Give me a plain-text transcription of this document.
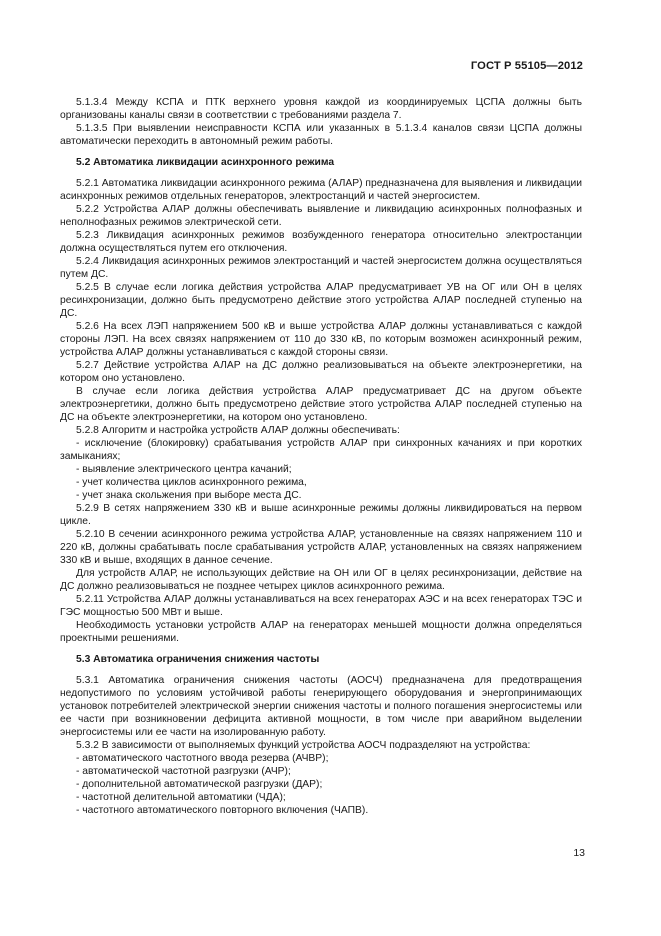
ГОСТ Р 55105—2012

5.1.3.4 Между КСПА и ПТК верхнего уровня каждой из координируемых ЦСПА должны быть организованы каналы связи в соответствии с требованиями раздела 7.

5.1.3.5 При выявлении неисправности КСПА или указанных в 5.1.3.4 каналов связи ЦСПА должны автоматически переходить в автономный режим работы.

5.2 Автоматика ликвидации асинхронного режима

5.2.1 Автоматика ликвидации асинхронного режима (АЛАР) предназначена для выявления и ликвидации асинхронных режимов отдельных генераторов, электростанций и частей энергосистем.

5.2.2 Устройства АЛАР должны обеспечивать выявление и ликвидацию асинхронных полнофазных и неполнофазных режимов электрической сети.

5.2.3 Ликвидация асинхронных режимов возбужденного генератора относительно электростанции должна осуществляться путем его отключения.

5.2.4 Ликвидация асинхронных режимов электростанций и частей энергосистем должна осуществляться путем ДС.

5.2.5 В случае если логика действия устройства АЛАР предусматривает УВ на ОГ или ОН в целях ресинхронизации, должно быть предусмотрено действие этого устройства АЛАР последней ступенью на ДС.

5.2.6 На всех ЛЭП напряжением 500 кВ и выше устройства АЛАР должны устанавливаться с каждой стороны ЛЭП. На всех связях напряжением от 110 до 330 кВ, по которым возможен асинхронный режим, устройства АЛАР должны устанавливаться с каждой стороны связи.

5.2.7 Действие устройства АЛАР на ДС должно реализовываться на объекте электроэнергетики, на котором оно установлено.

В случае если логика действия устройства АЛАР предусматривает ДС на другом объекте электроэнергетики, должно быть предусмотрено действие этого устройства АЛАР последней ступенью на ДС на объекте электроэнергетики, на котором оно установлено.

5.2.8 Алгоритм и настройка устройств АЛАР должны обеспечивать:

- исключение (блокировку) срабатывания устройств АЛАР при синхронных качаниях и при коротких замыканиях;

- выявление электрического центра качаний;

- учет количества циклов асинхронного режима,

- учет знака скольжения при выборе места ДС.

5.2.9 В сетях напряжением 330 кВ и выше асинхронные режимы должны ликвидироваться на первом цикле.

5.2.10 В сечении асинхронного режима устройства АЛАР, установленные на связях напряжением 110 и 220 кВ, должны срабатывать после срабатывания устройств АЛАР, установленных на связях напряжением 330 кВ и выше, входящих в данное сечение.

Для устройств АЛАР, не использующих действие на ОН или ОГ в целях ресинхронизации, действие на ДС должно реализовываться не позднее четырех циклов асинхронного режима.

5.2.11 Устройства АЛАР должны устанавливаться на всех генераторах АЭС и на всех генераторах ТЭС и ГЭС мощностью 500 МВт и выше.

Необходимость установки устройств АЛАР на генераторах меньшей мощности должна определяться проектными решениями.

5.3 Автоматика ограничения снижения частоты

5.3.1 Автоматика ограничения снижения частоты (АОСЧ) предназначена для предотвращения недопустимого по условиям устойчивой работы генерирующего оборудования и энергопринимающих установок потребителей электрической энергии снижения частоты и полного погашения энергосистемы или ее части при возникновении дефицита активной мощности, в том числе при аварийном выделении энергосистемы или ее части на изолированную работу.

5.3.2 В зависимости от выполняемых функций устройства АОСЧ подразделяют на устройства:

- автоматического частотного ввода резерва (АЧВР);

- автоматической частотной разгрузки (АЧР);

- дополнительной автоматической разгрузки (ДАР);

- частотной делительной автоматики (ЧДА);

- частотного автоматического повторного включения (ЧАПВ).

13
